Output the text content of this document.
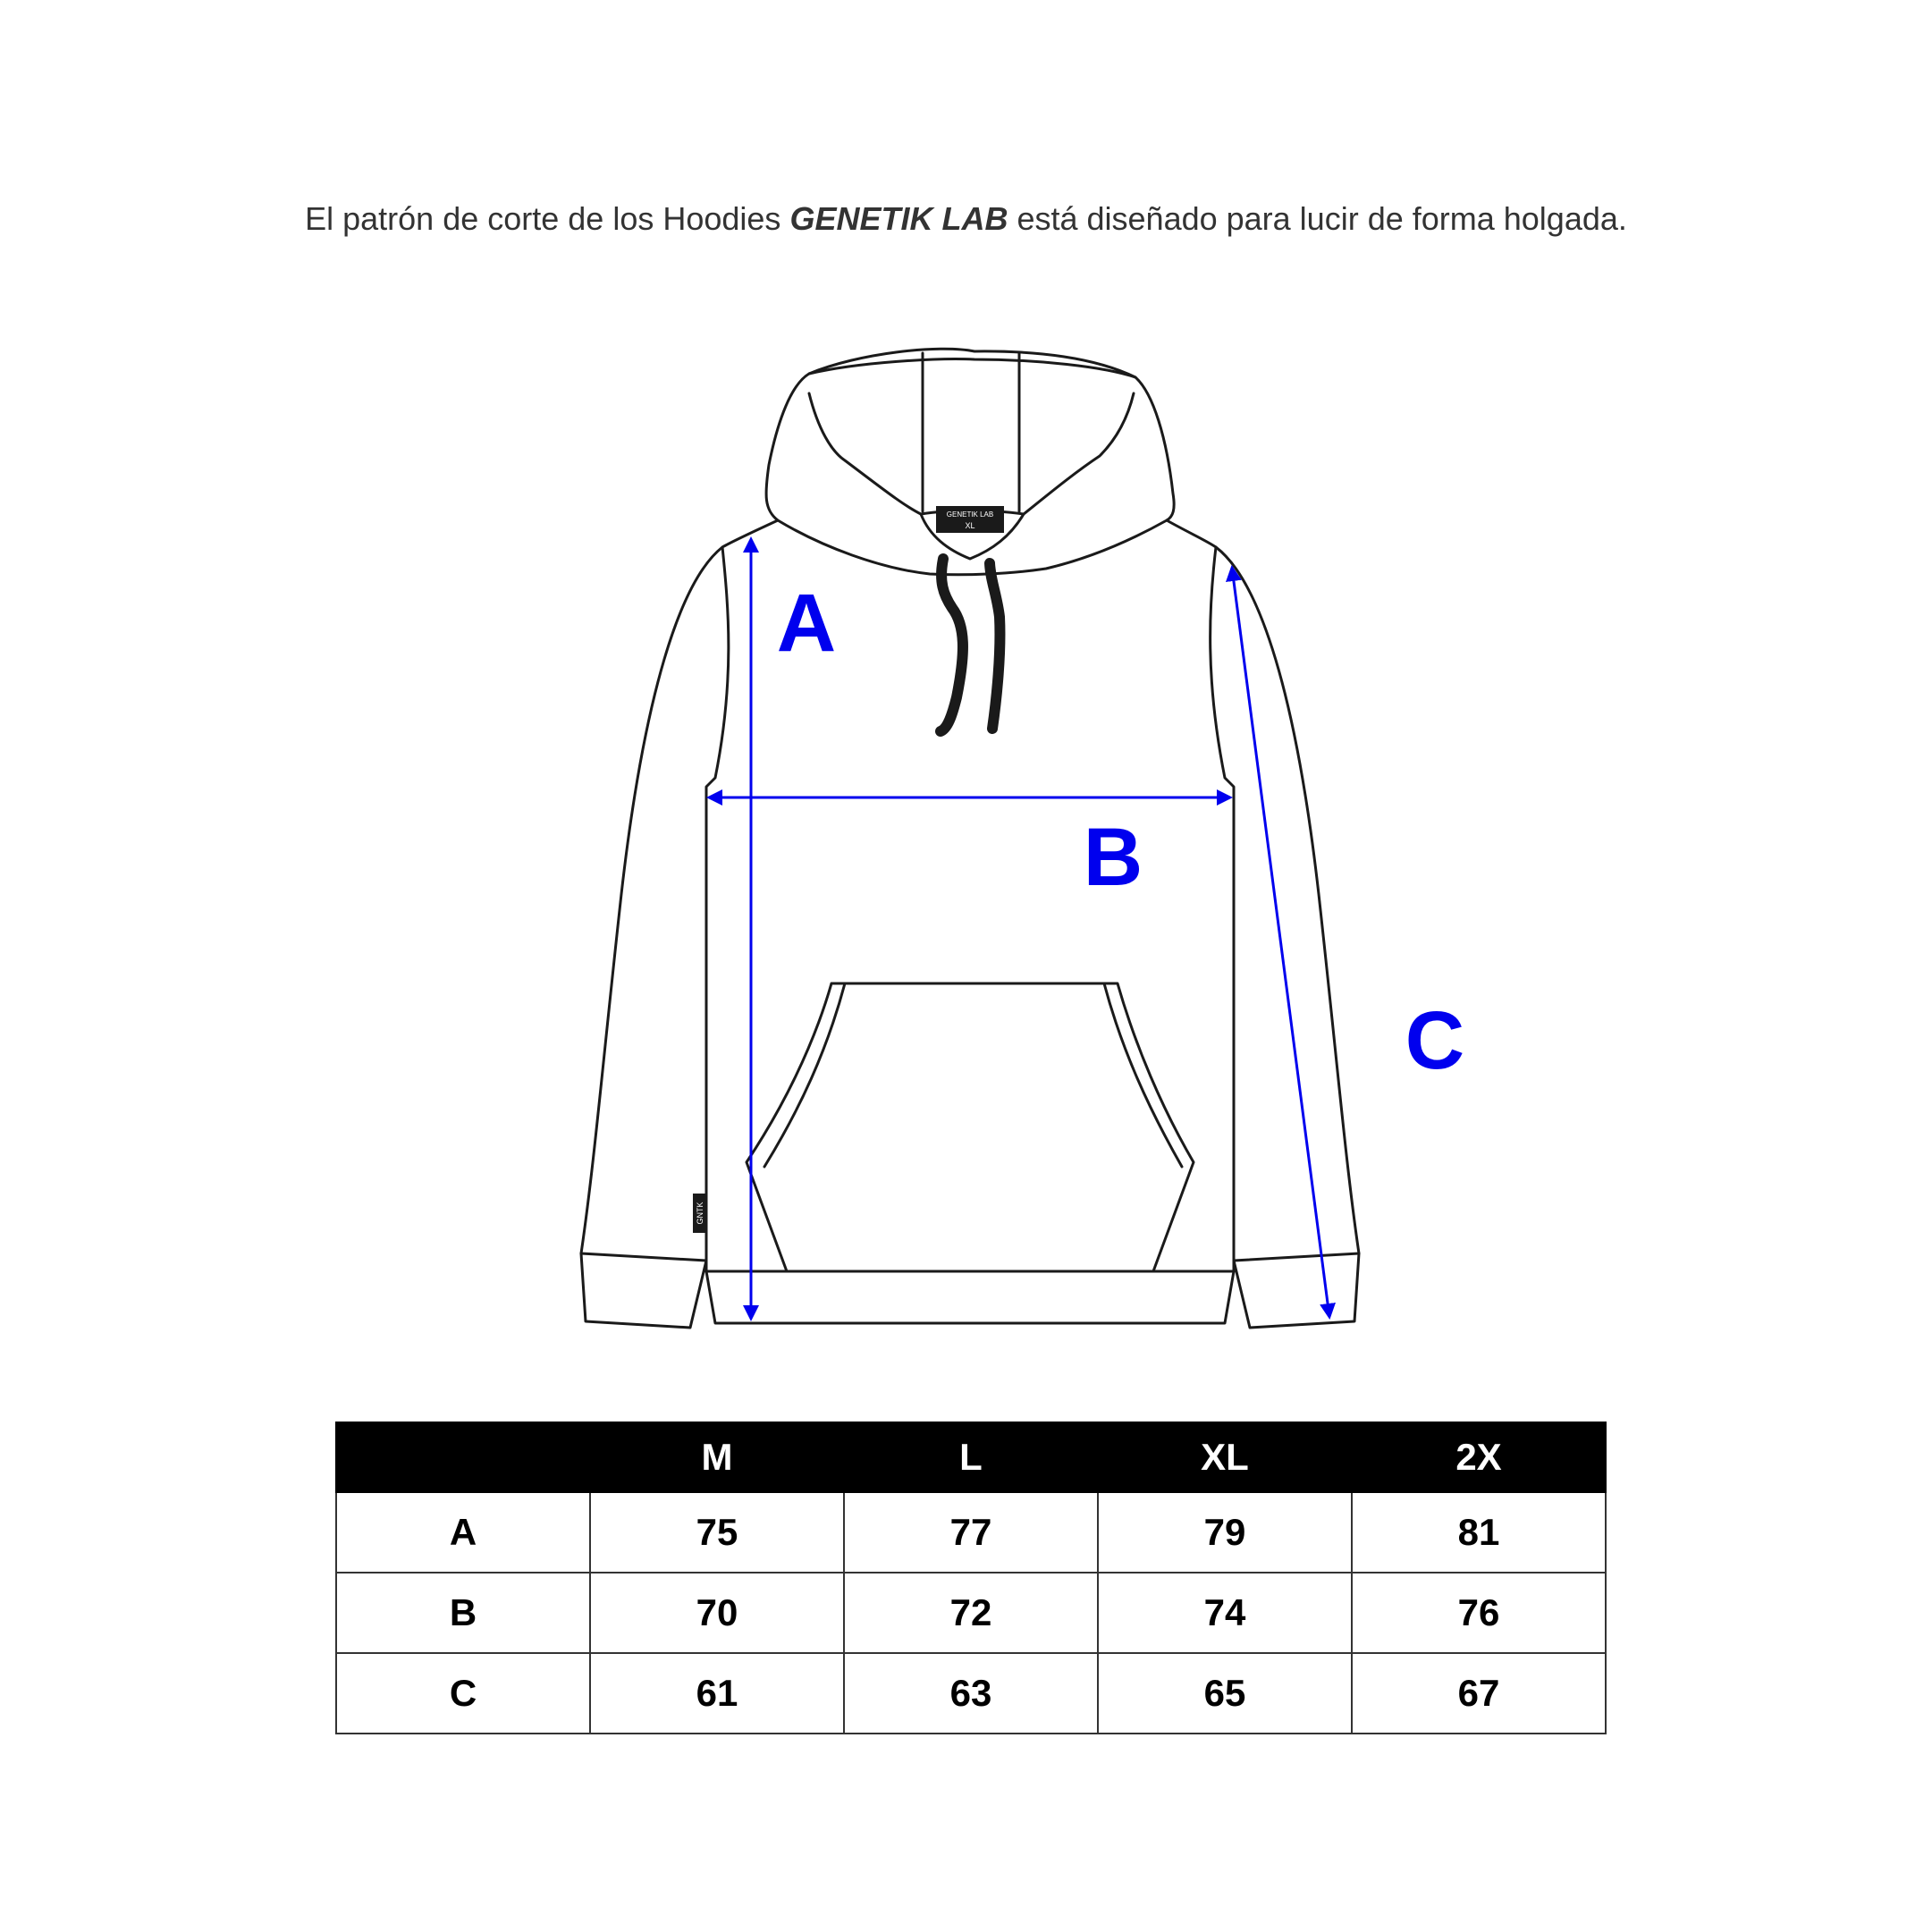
El patrón de corte de los Hoodies GENETIK LAB está diseñado para lucir de forma holgada.
GENETIK LAB
XL
GNTK
A
B
C
	M	L	XL	2X
A	75	77	79	81
B	70	72	74	76
C	61	63	65	67
